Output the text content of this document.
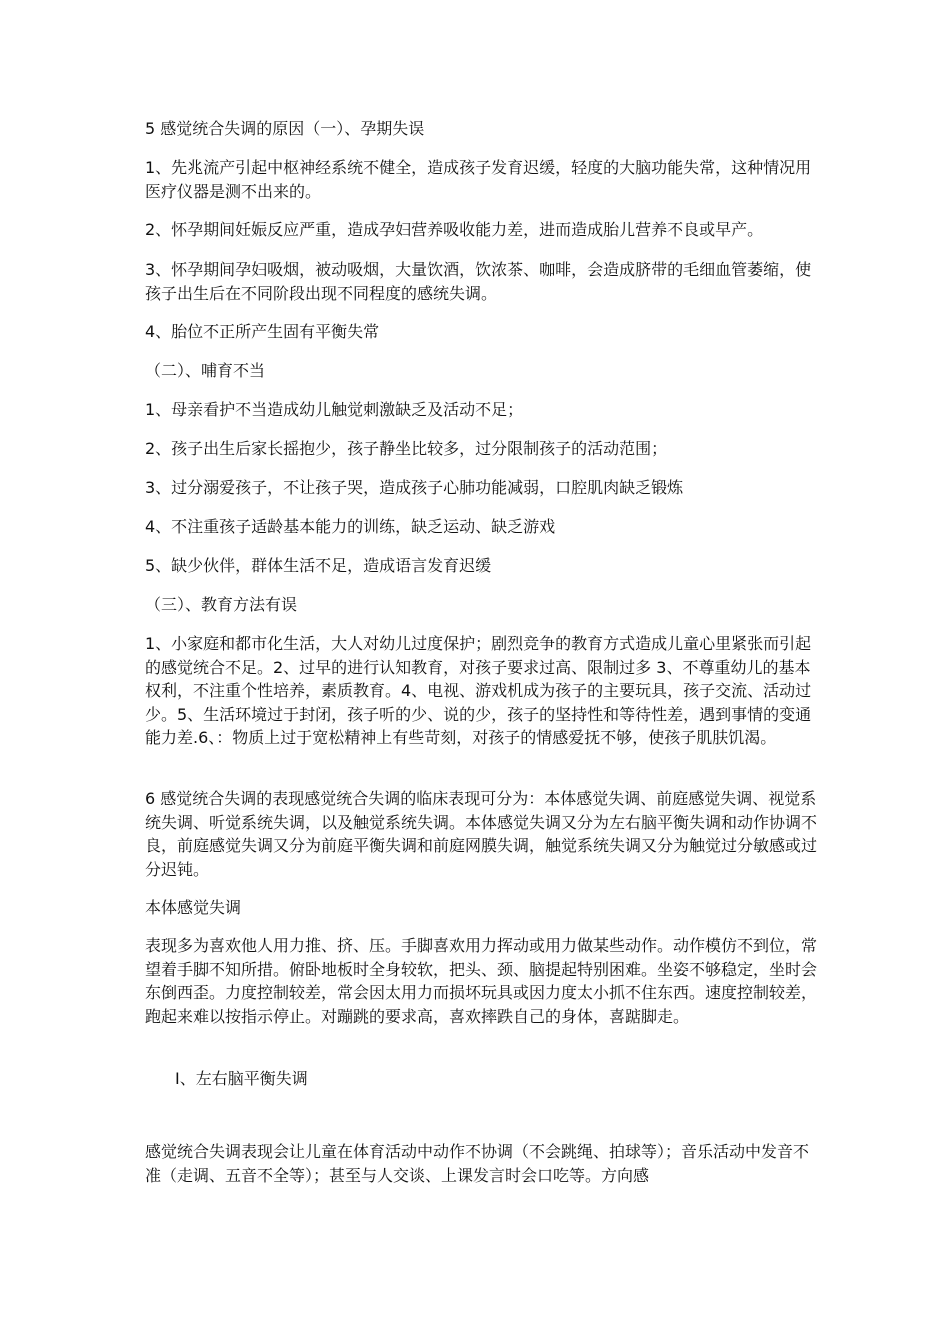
5 感觉统合失调的原因（一）、孕期失误

1、先兆流产引起中枢神经系统不健全，造成孩子发育迟缓，轻度的大脑功能失常，这种情况用医疗仪器是测不出来的。

2、怀孕期间妊娠反应严重，造成孕妇营养吸收能力差，进而造成胎儿营养不良或早产。

3、怀孕期间孕妇吸烟，被动吸烟，大量饮酒，饮浓茶、咖啡，会造成脐带的毛细血管萎缩，使孩子出生后在不同阶段出现不同程度的感统失调。

4、胎位不正所产生固有平衡失常

（二）、哺育不当

1、母亲看护不当造成幼儿触觉刺激缺乏及活动不足；

2、孩子出生后家长摇抱少，孩子静坐比较多，过分限制孩子的活动范围；

3、过分溺爱孩子，不让孩子哭，造成孩子心肺功能减弱，口腔肌肉缺乏锻炼

4、不注重孩子适龄基本能力的训练，缺乏运动、缺乏游戏

5、缺少伙伴，群体生活不足，造成语言发育迟缓

（三）、教育方法有误

1、小家庭和都市化生活，大人对幼儿过度保护；剧烈竞争的教育方式造成儿童心里紧张而引起的感觉统合不足。2、过早的进行认知教育，对孩子要求过高、限制过多 3、不尊重幼儿的基本权利，不注重个性培养，素质教育。4、电视、游戏机成为孩子的主要玩具，孩子交流、活动过少。5、生活环境过于封闭，孩子听的少、说的少，孩子的坚持性和等待性差，遇到事情的变通能力差.6、：物质上过于宽松精神上有些苛刻，对孩子的情感爱抚不够，使孩子肌肤饥渴。

6 感觉统合失调的表现感觉统合失调的临床表现可分为：本体感觉失调、前庭感觉失调、视觉系统失调、听觉系统失调，以及触觉系统失调。本体感觉失调又分为左右脑平衡失调和动作协调不良，前庭感觉失调又分为前庭平衡失调和前庭网膜失调，触觉系统失调又分为触觉过分敏感或过分迟钝。

本体感觉失调

表现多为喜欢他人用力推、挤、压。手脚喜欢用力挥动或用力做某些动作。动作模仿不到位，常望着手脚不知所措。俯卧地板时全身较软，把头、颈、脑提起特别困难。坐姿不够稳定，坐时会东倒西歪。力度控制较差，常会因太用力而损坏玩具或因力度太小抓不住东西。速度控制较差，跑起来难以按指示停止。对蹦跳的要求高，喜欢摔跌自己的身体，喜踮脚走。

Ⅰ、左右脑平衡失调

感觉统合失调表现会让儿童在体育活动中动作不协调（不会跳绳、拍球等）；音乐活动中发音不准（走调、五音不全等）；甚至与人交谈、上课发言时会口吃等。方向感
